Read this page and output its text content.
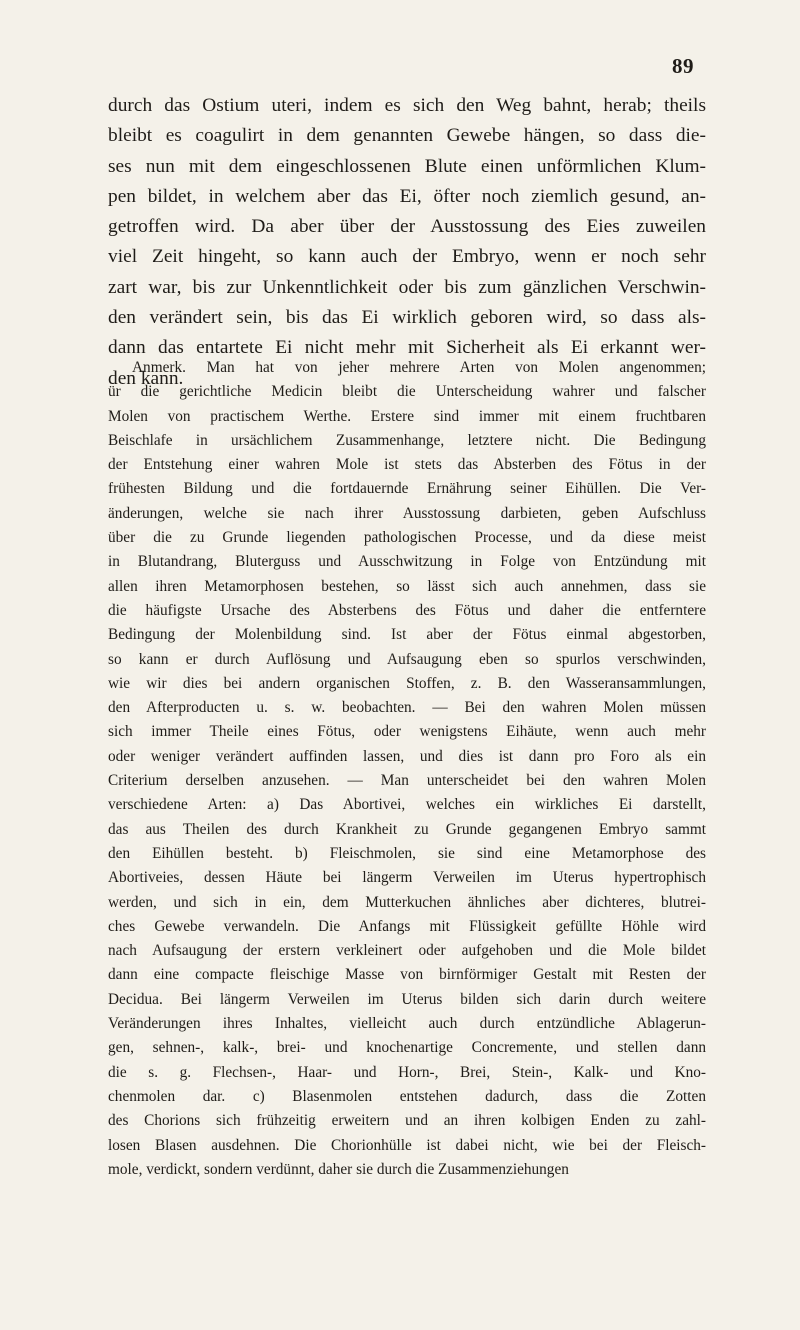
89
durch das Ostium uteri, indem es sich den Weg bahnt, herab; theils
bleibt es coagulirt in dem genannten Gewebe hängen, so dass die-
ses nun mit dem eingeschlossenen Blute einen unförmlichen Klum-
pen bildet, in welchem aber das Ei, öfter noch ziemlich gesund, an-
getroffen wird. Da aber über der Ausstossung des Eies zuweilen
viel Zeit hingeht, so kann auch der Embryo, wenn er noch sehr
zart war, bis zur Unkenntlichkeit oder bis zum gänzlichen Verschwin-
den verändert sein, bis das Ei wirklich geboren wird, so dass als-
dann das entartete Ei nicht mehr mit Sicherheit als Ei erkannt wer-
den kann.
Anmerk. Man hat von jeher mehrere Arten von Molen angenommen;
ür die gerichtliche Medicin bleibt die Unterscheidung wahrer und falscher
Molen von practischem Werthe. Erstere sind immer mit einem fruchtbaren
Beischlafe in ursächlichem Zusammenhange, letztere nicht. Die Bedingung
der Entstehung einer wahren Mole ist stets das Absterben des Fötus in der
frühesten Bildung und die fortdauernde Ernährung seiner Eihüllen. Die Ver-
änderungen, welche sie nach ihrer Ausstossung darbieten, geben Aufschluss
über die zu Grunde liegenden pathologischen Processe, und da diese meist
in Blutandrang, Bluterguss und Ausschwitzung in Folge von Entzündung mit
allen ihren Metamorphosen bestehen, so lässt sich auch annehmen, dass sie
die häufigste Ursache des Absterbens des Fötus und daher die entferntere
Bedingung der Molenbildung sind. Ist aber der Fötus einmal abgestorben,
so kann er durch Auflösung und Aufsaugung eben so spurlos verschwinden,
wie wir dies bei andern organischen Stoffen, z. B. den Wasseransammlungen,
den Afterproducten u. s. w. beobachten. — Bei den wahren Molen müssen
sich immer Theile eines Fötus, oder wenigstens Eihäute, wenn auch mehr
oder weniger verändert auffinden lassen, und dies ist dann pro Foro als ein
Criterium derselben anzusehen. — Man unterscheidet bei den wahren Molen
verschiedene Arten: a) Das Abortivei, welches ein wirkliches Ei darstellt,
das aus Theilen des durch Krankheit zu Grunde gegangenen Embryo sammt
den Eihüllen besteht. b) Fleischmolen, sie sind eine Metamorphose des
Abortiveies, dessen Häute bei längerm Verweilen im Uterus hypertrophisch
werden, und sich in ein, dem Mutterkuchen ähnliches aber dichteres, blutrei-
ches Gewebe verwandeln. Die Anfangs mit Flüssigkeit gefüllte Höhle wird
nach Aufsaugung der erstern verkleinert oder aufgehoben und die Mole bildet
dann eine compacte fleischige Masse von birnförmiger Gestalt mit Resten der
Decidua. Bei längerm Verweilen im Uterus bilden sich darin durch weitere
Veränderungen ihres Inhaltes, vielleicht auch durch entzündliche Ablagerun-
gen, sehnen-, kalk-, brei- und knochenartige Concremente, und stellen dann
die s. g. Flechsen-, Haar- und Horn-, Brei, Stein-, Kalk- und Kno-
chenmolen dar. c) Blasenmolen entstehen dadurch, dass die Zotten
des Chorions sich frühzeitig erweitern und an ihren kolbigen Enden zu zahl-
losen Blasen ausdehnen. Die Chorionhülle ist dabei nicht, wie bei der Fleisch-
mole, verdickt, sondern verdünnt, daher sie durch die Zusammenziehungen
